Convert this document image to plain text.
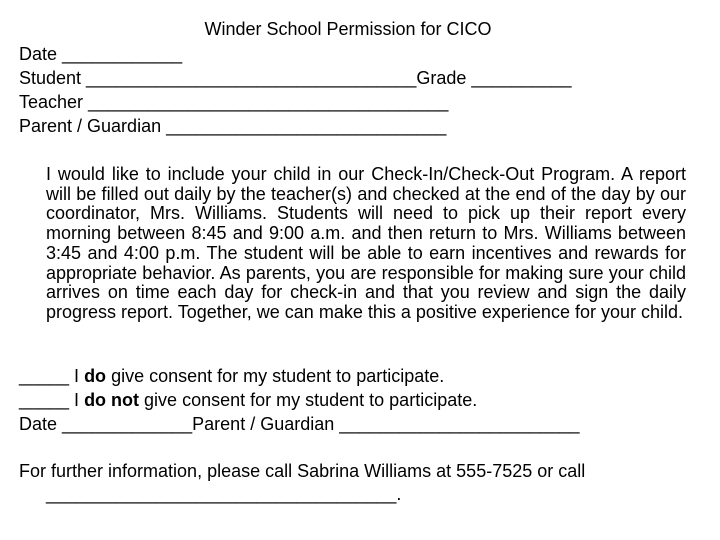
Winder School Permission for CICO
Date ____________
Student _________________________________Grade __________
Teacher ____________________________________
Parent / Guardian ____________________________
I would like to include your child in our Check-In/Check-Out Program. A report will be filled out daily by the teacher(s) and checked at the end of the day by our coordinator, Mrs. Williams. Students will need to pick up their report every morning between 8:45 and 9:00 a.m. and then return to Mrs. Williams between 3:45 and 4:00 p.m. The student will be able to earn incentives and rewards for appropriate behavior. As parents, you are responsible for making sure your child arrives on time each day for check-in and that you review and sign the daily progress report. Together, we can make this a positive experience for your child.
_____ I do give consent for my student to participate.
_____ I do not give consent for my student to participate.
Date _____________Parent / Guardian ________________________
For further information, please call Sabrina Williams at 555-7525 or call
___________________________________.
